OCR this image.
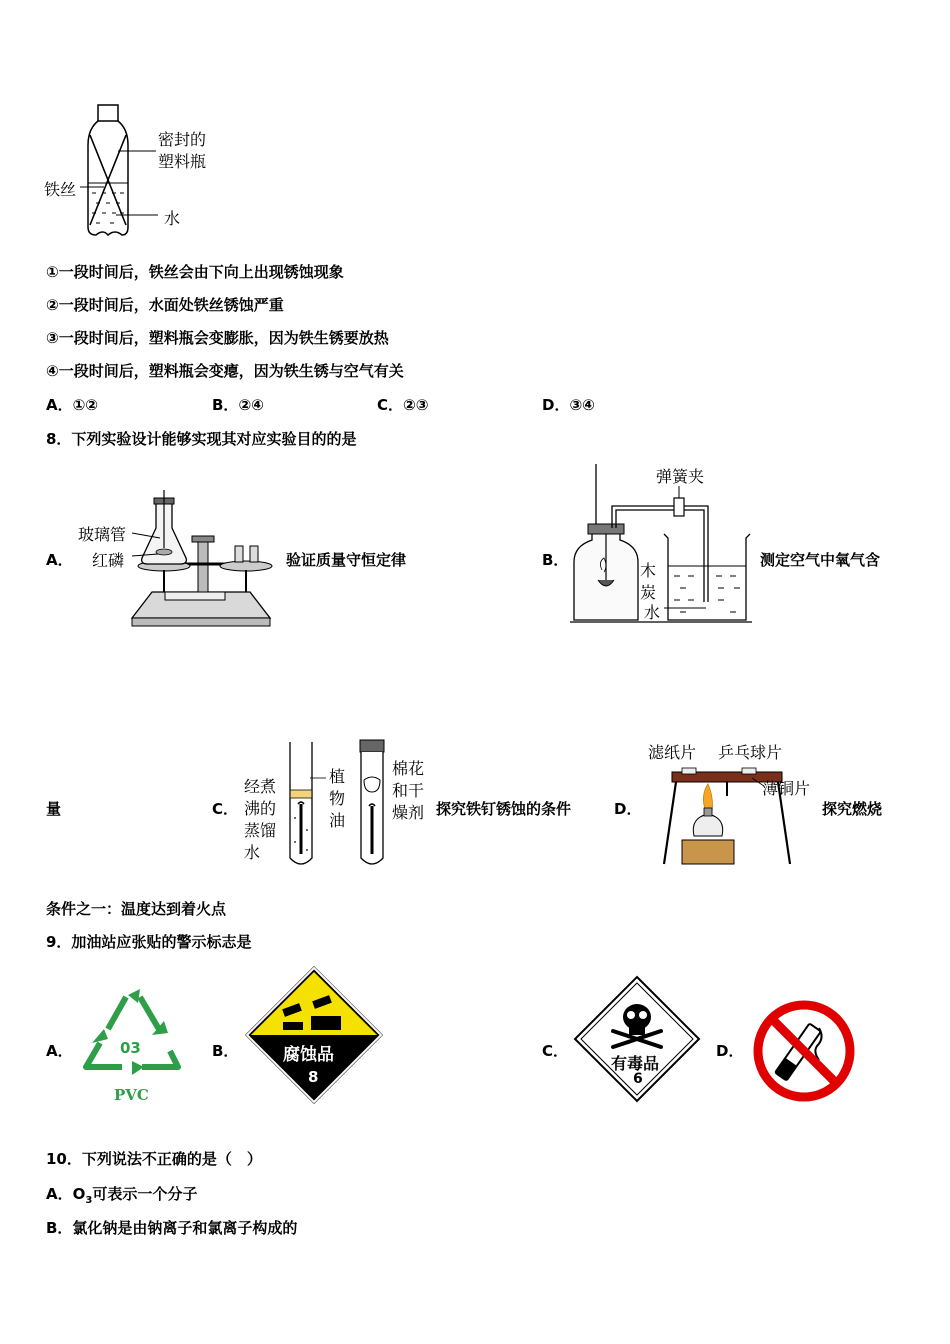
密封的
塑料瓶
铁丝
水
①一段时间后，铁丝会由下向上出现锈蚀现象
②一段时间后，水面处铁丝锈蚀严重
③一段时间后，塑料瓶会变膨胀，因为铁生锈要放热
④一段时间后，塑料瓶会变瘪，因为铁生锈与空气有关
A．①②	B．②④	C．②③	D．③④
8．下列实验设计能够实现其对应实验目的的是
A．
玻璃管
红磷	验证质量守恒定律	B．
弹簧夹
木
炭
水
测定空气中氧气含
量	C．
经煮沸的蒸馏水
植物油
棉花和干燥剂 探究铁钉锈蚀的条件	D．
滤纸片 乒乓球片
薄铜片
探究燃烧
条件之一：温度达到着火点
9．加油站应张贴的警示标志是
A．	03
PVC
B．	腐蚀品
8
C．
有毒品
6
D．
10．下列说法不正确的是（　）
A．$O_3$可表示一个分子
B．氯化钠是由钠离子和氯离子构成的
